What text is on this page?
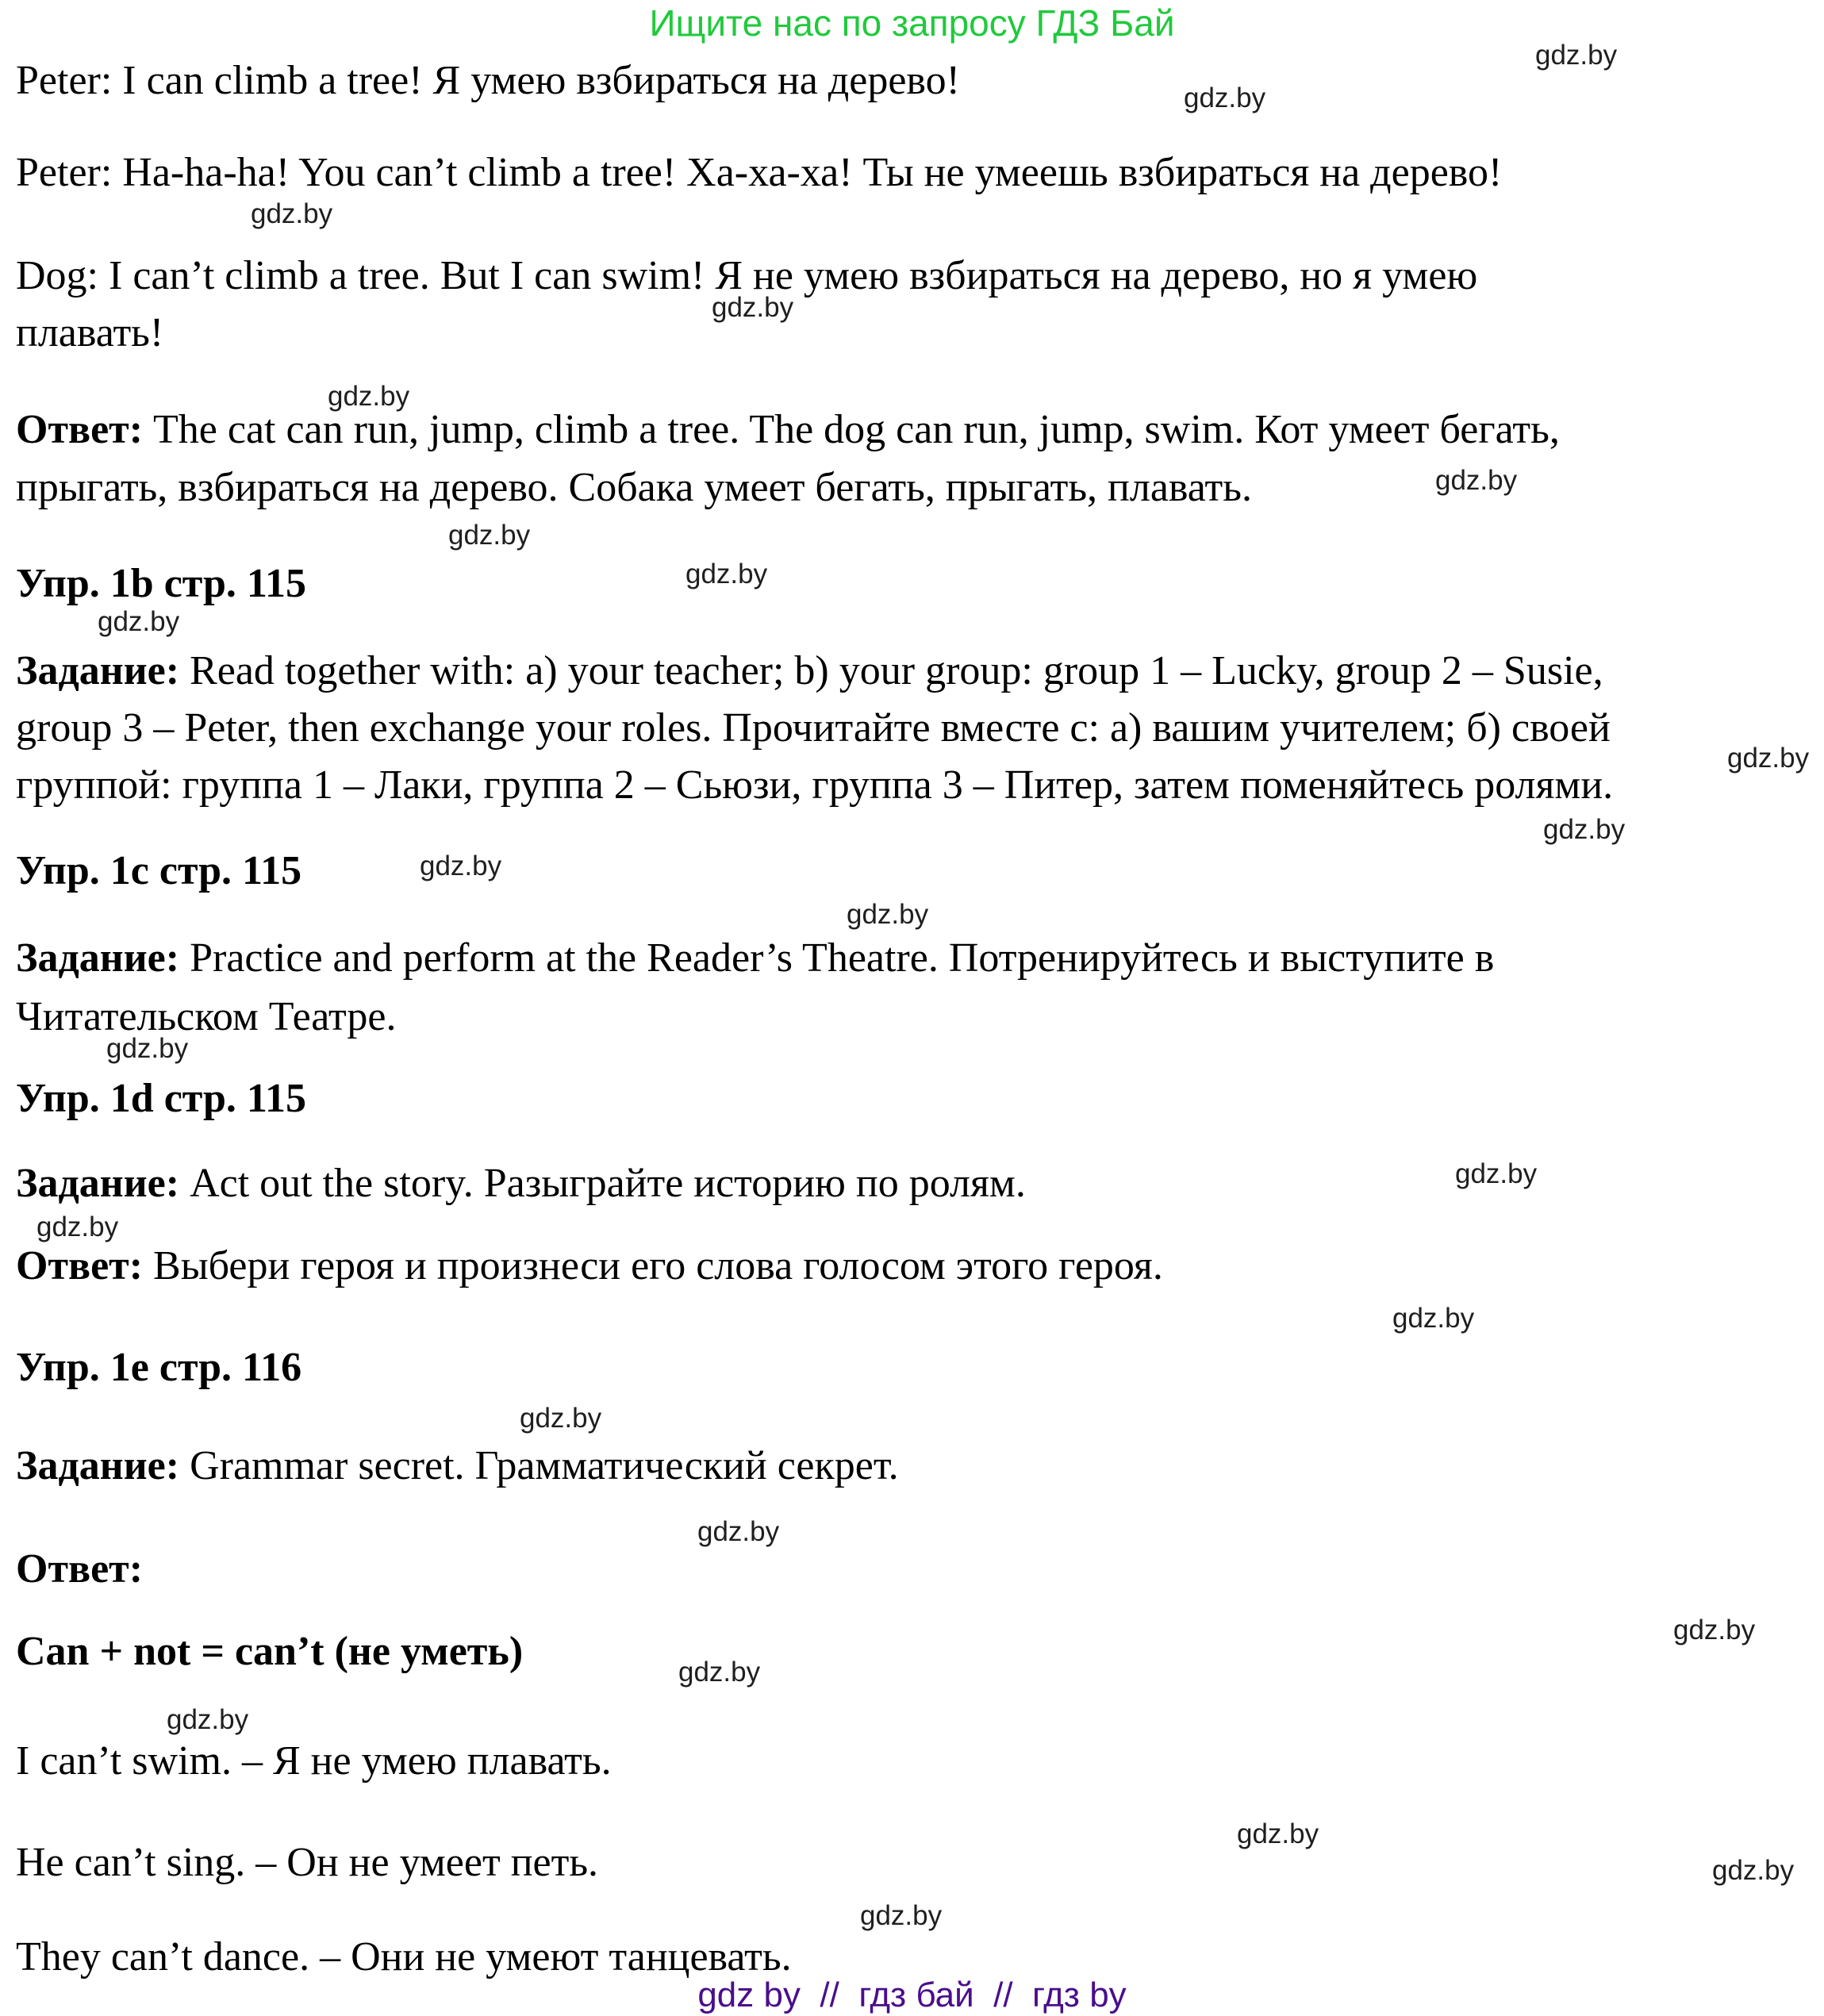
Ищите нас по запросу ГДЗ Бай
Peter: I can climb a tree! Я умею взбираться на дерево!
Peter: Ha-ha-ha! You can’t climb a tree! Ха-ха-ха! Ты не умеешь взбираться на дерево!
Dog: I can’t climb a tree. But I can swim! Я не умею взбираться на дерево, но я умею
плавать!
Ответ: The cat can run, jump, climb a tree. The dog can run, jump, swim. Кот умеет бегать,
прыгать, взбираться на дерево. Собака умеет бегать, прыгать, плавать.
Упр. 1b стр. 115
Задание: Read together with: a) your teacher; b) your group: group 1 – Lucky, group 2 – Susie,
group 3 – Peter, then exchange your roles. Прочитайте вместе с: а) вашим учителем; б) своей
группой: группа 1 – Лаки, группа 2 – Сьюзи, группа 3 – Питер, затем поменяйтесь ролями.
Упр. 1c стр. 115
Задание: Practice and perform at the Reader’s Theatre. Потренируйтесь и выступите в
Читательском Театре.
Упр. 1d стр. 115
Задание: Act out the story. Разыграйте историю по ролям.
Ответ: Выбери героя и произнеси его слова голосом этого героя.
Упр. 1e стр. 116
Задание: Grammar secret. Грамматический секрет.
Ответ:
Can + not = can’t (не уметь)
I can’t swim. – Я не умею плавать.
He can’t sing. – Он не умеет петь.
They can’t dance. – Они не умеют танцевать.
gdz.by
gdz.by
gdz.by
gdz.by
gdz.by
gdz.by
gdz.by
gdz.by
gdz.by
gdz.by
gdz.by
gdz.by
gdz.by
gdz.by
gdz.by
gdz.by
gdz.by
gdz.by
gdz.by
gdz.by
gdz.by
gdz.by
gdz.by
gdz.by
gdz.by
gdz by  //  гдз бай  //  гдз by
